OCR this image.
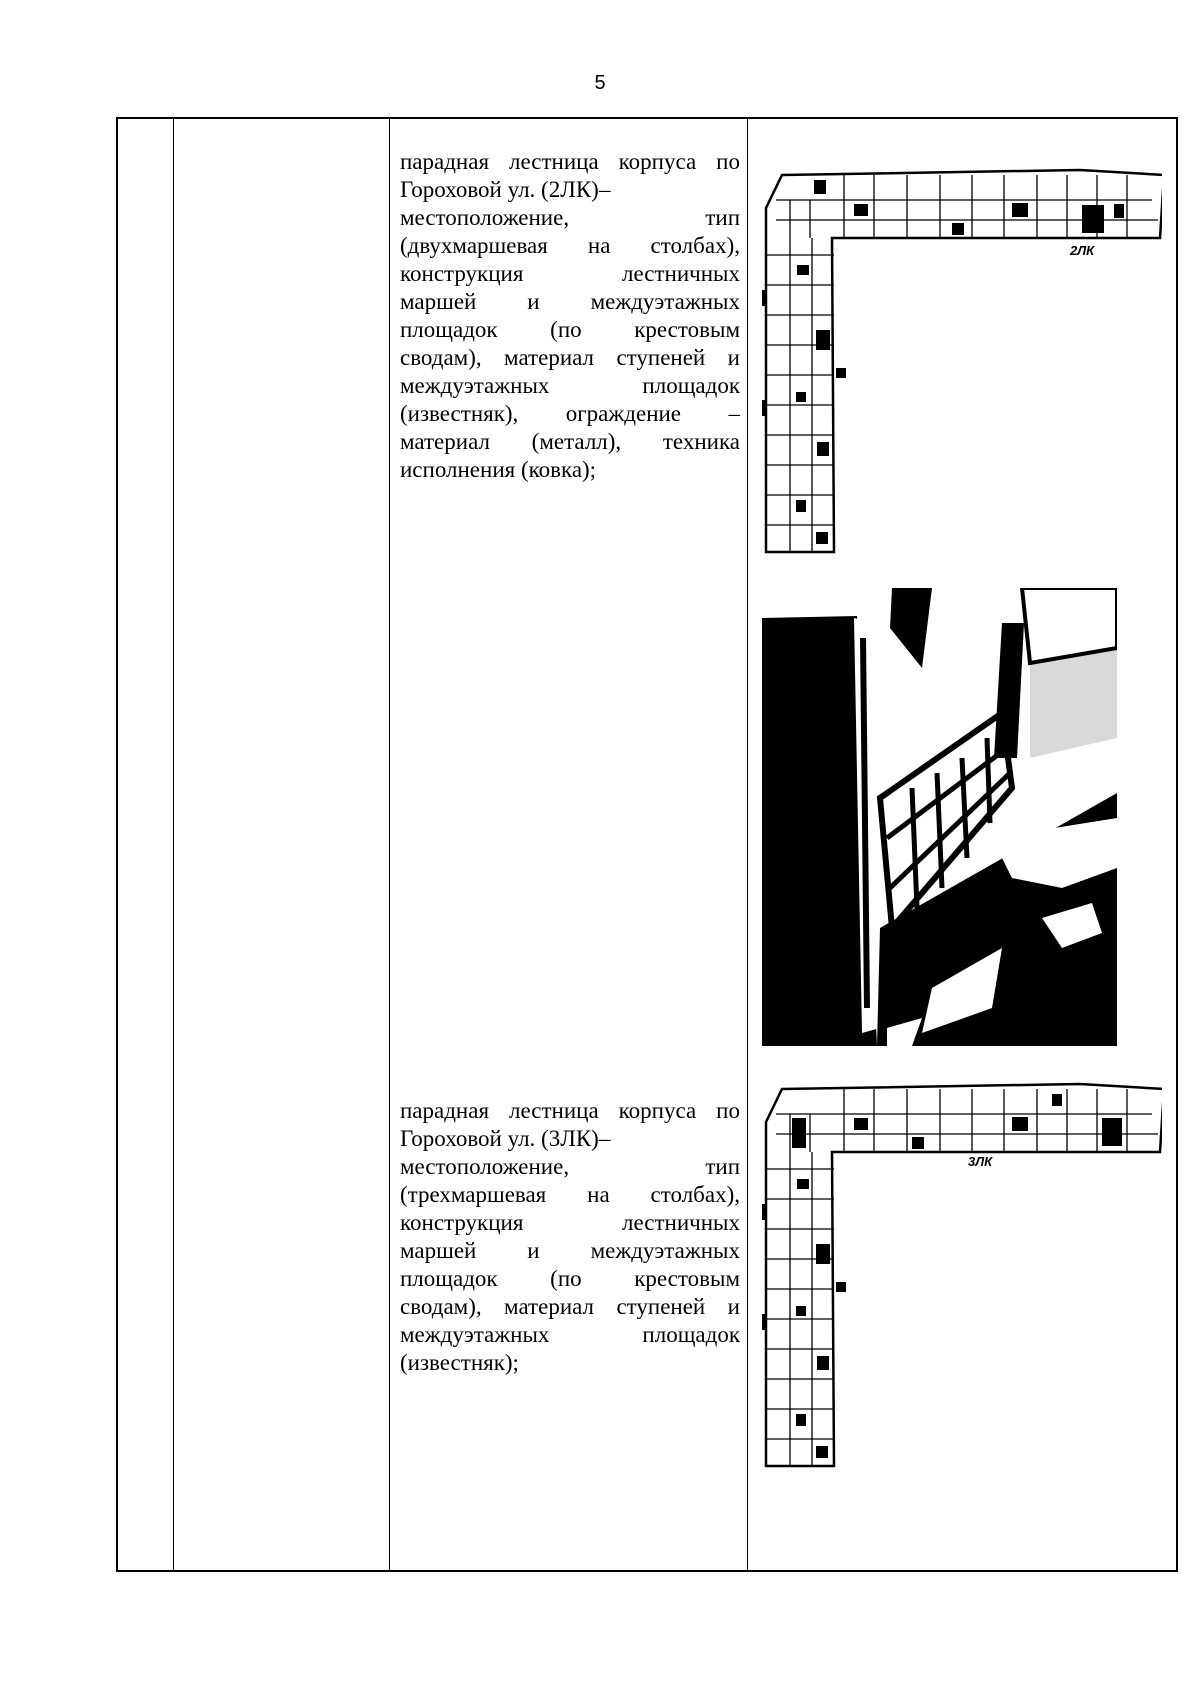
5
парадная лестница корпуса по
Гороховой ул. (2ЛК)–
местоположение,	тип
(двухмаршевая на столбах),
конструкция	лестничных
маршей и междуэтажных
площадок (по крестовым
сводам), материал ступеней и
междуэтажных	площадок
(известняк), ограждение –
материал (металл), техника
исполнения (ковка);
2ЛК
парадная лестница корпуса по
Гороховой ул. (3ЛК)–
местоположение,	тип
(трехмаршевая на столбах),
конструкция	лестничных
маршей и междуэтажных
площадок (по крестовым
сводам), материал ступеней и
междуэтажных	площадок
(известняк);
3ЛК
